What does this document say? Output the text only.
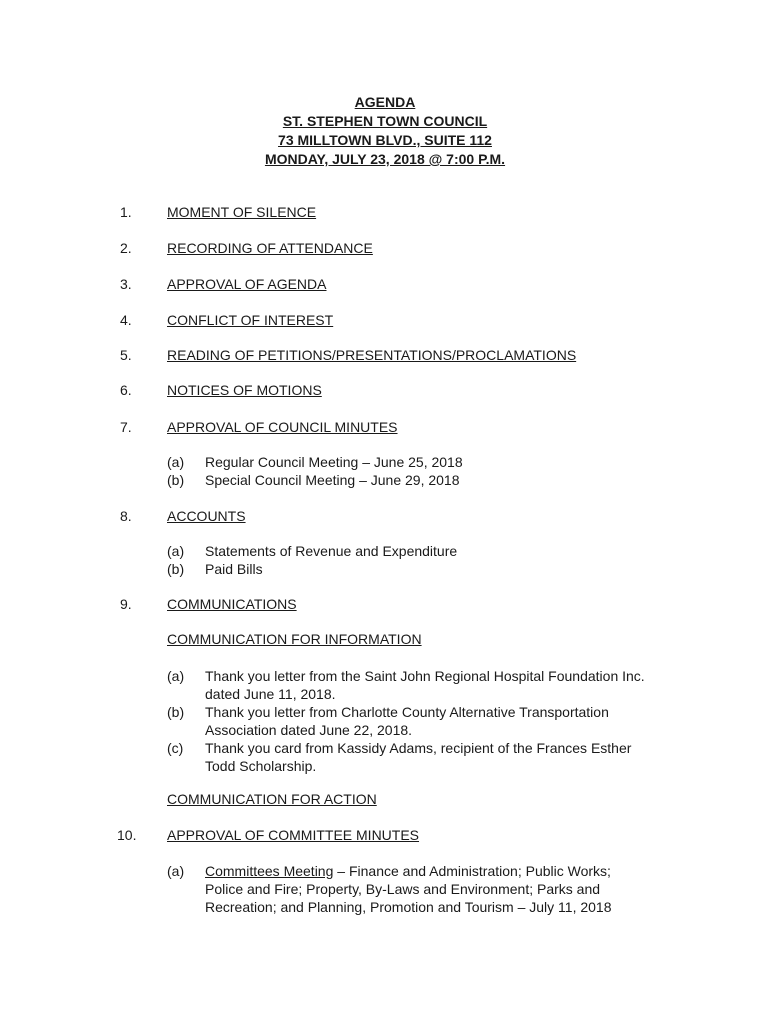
AGENDA
ST. STEPHEN TOWN COUNCIL
73 MILLTOWN BLVD., SUITE 112
MONDAY, JULY 23, 2018 @ 7:00 P.M.
1.	MOMENT OF SILENCE
2.	RECORDING OF ATTENDANCE
3.	APPROVAL OF AGENDA
4.	CONFLICT OF INTEREST
5.	READING OF PETITIONS/PRESENTATIONS/PROCLAMATIONS
6.	NOTICES OF MOTIONS
7.	APPROVAL OF COUNCIL MINUTES
(a) Regular Council Meeting – June 25, 2018
(b) Special Council Meeting – June 29, 2018
8.	ACCOUNTS
(a) Statements of Revenue and Expenditure
(b) Paid Bills
9.	COMMUNICATIONS
COMMUNICATION FOR INFORMATION
(a) Thank you letter from the Saint John Regional Hospital Foundation Inc.
dated June 11, 2018.
(b) Thank you letter from Charlotte County Alternative Transportation
Association dated June 22, 2018.
(c) Thank you card from Kassidy Adams, recipient of the Frances Esther
Todd Scholarship.
COMMUNICATION FOR ACTION
10. APPROVAL OF COMMITTEE MINUTES
(a) Committees Meeting – Finance and Administration; Public Works;
Police and Fire; Property, By-Laws and Environment; Parks and
Recreation; and Planning, Promotion and Tourism – July 11, 2018
